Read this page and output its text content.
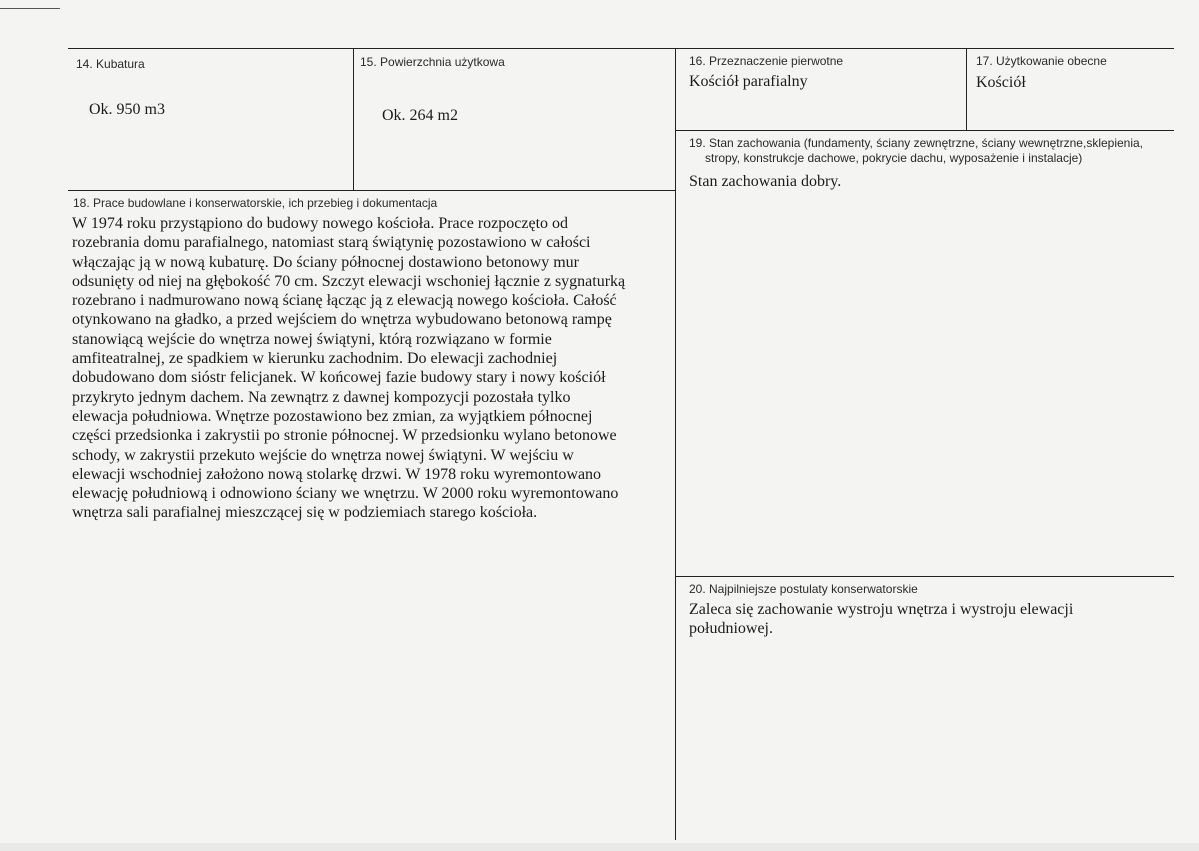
14. Kubatura
Ok. 950 m3
15. Powierzchnia użytkowa
Ok. 264 m2
16. Przeznaczenie pierwotne
Kościół parafialny
17. Użytkowanie obecne
Kościół
19. Stan zachowania (fundamenty, ściany zewnętrzne, ściany wewnętrzne,sklepienia,
stropy, konstrukcje dachowe, pokrycie dachu, wyposażenie i instalacje)
Stan zachowania dobry.
18. Prace budowlane i konserwatorskie, ich przebieg i dokumentacja
W 1974 roku przystąpiono do budowy nowego kościoła. Prace rozpoczęto od
rozebrania domu parafialnego, natomiast starą świątynię pozostawiono w całości
włączając ją w nową kubaturę. Do ściany północnej dostawiono betonowy mur
odsunięty od niej na głębokość 70 cm. Szczyt elewacji wschoniej łącznie z sygnaturką
rozebrano i nadmurowano nową ścianę łącząc ją z elewacją nowego kościoła. Całość
otynkowano na gładko, a przed wejściem do wnętrza wybudowano betonową rampę
stanowiącą wejście do wnętrza nowej świątyni, którą rozwiązano w formie
amfiteatralnej, ze spadkiem w kierunku zachodnim. Do elewacji zachodniej
dobudowano dom sióstr felicjanek. W końcowej fazie budowy stary i nowy kościół
przykryto jednym dachem. Na zewnątrz z dawnej kompozycji pozostała tylko
elewacja południowa. Wnętrze pozostawiono bez zmian, za wyjątkiem północnej
części przedsionka i zakrystii po stronie północnej. W przedsionku wylano betonowe
schody, w zakrystii przekuto wejście do wnętrza nowej świątyni. W wejściu w
elewacji wschodniej założono nową stolarkę drzwi. W 1978 roku wyremontowano
elewację południową i odnowiono ściany we wnętrzu. W 2000 roku wyremontowano
wnętrza sali parafialnej mieszczącej się w podziemiach starego kościoła.
20. Najpilniejsze postulaty konserwatorskie
Zaleca się zachowanie wystroju wnętrza i wystroju elewacji
południowej.
